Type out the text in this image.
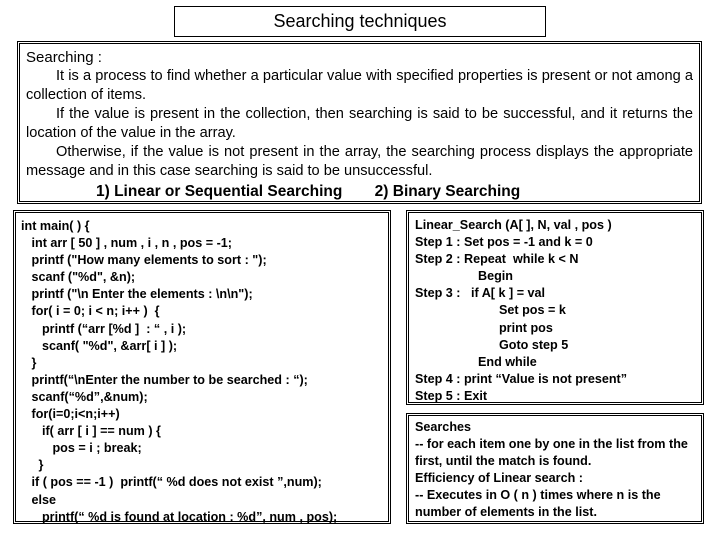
Searching techniques

Searching :

It is a process to find whether a particular value with specified properties is present or not among a collection of items.

If the value is present in the collection, then searching is said to be successful, and it returns the location of the value in the array.

Otherwise, if the value is not present in the array, the searching process displays the appropriate message and in this case searching is said to be unsuccessful.

1) Linear or Sequential Searching 2) Binary Searching
int main( ) {
int arr [ 50 ] , num , i , n , pos = -1;
printf ("How many elements to sort : ");
scanf ("%d", &n);
printf ("\n Enter the elements : \n\n");
for( i = 0; i < n; i++ )  {
printf (“arr [%d ]  : “ , i );
scanf( "%d", &arr[ i ] );
}
printf(“\nEnter the number to be searched : “);
scanf(“%d”,&num);
for(i=0;i<n;i++)
if( arr [ i ] == num ) {
pos = i ; break;
}
if ( pos == -1 )  printf(“ %d does not exist ”,num);
else
printf(“ %d is found at location : %d”, num , pos);
Linear_Search (A[ ], N, val , pos )
Step 1 : Set pos = -1 and k = 0
Step 2 : Repeat  while k < N
Begin
Step 3 :   if A[ k ] = val
Set pos = k
print pos
Goto step 5
End while
Step 4 : print “Value is not present”
Step 5 : Exit

Searches

-- for each item one by one in the list from the first, until the match is found.

Efficiency of Linear search :

-- Executes in O ( n ) times where n is the number of elements in the list.
